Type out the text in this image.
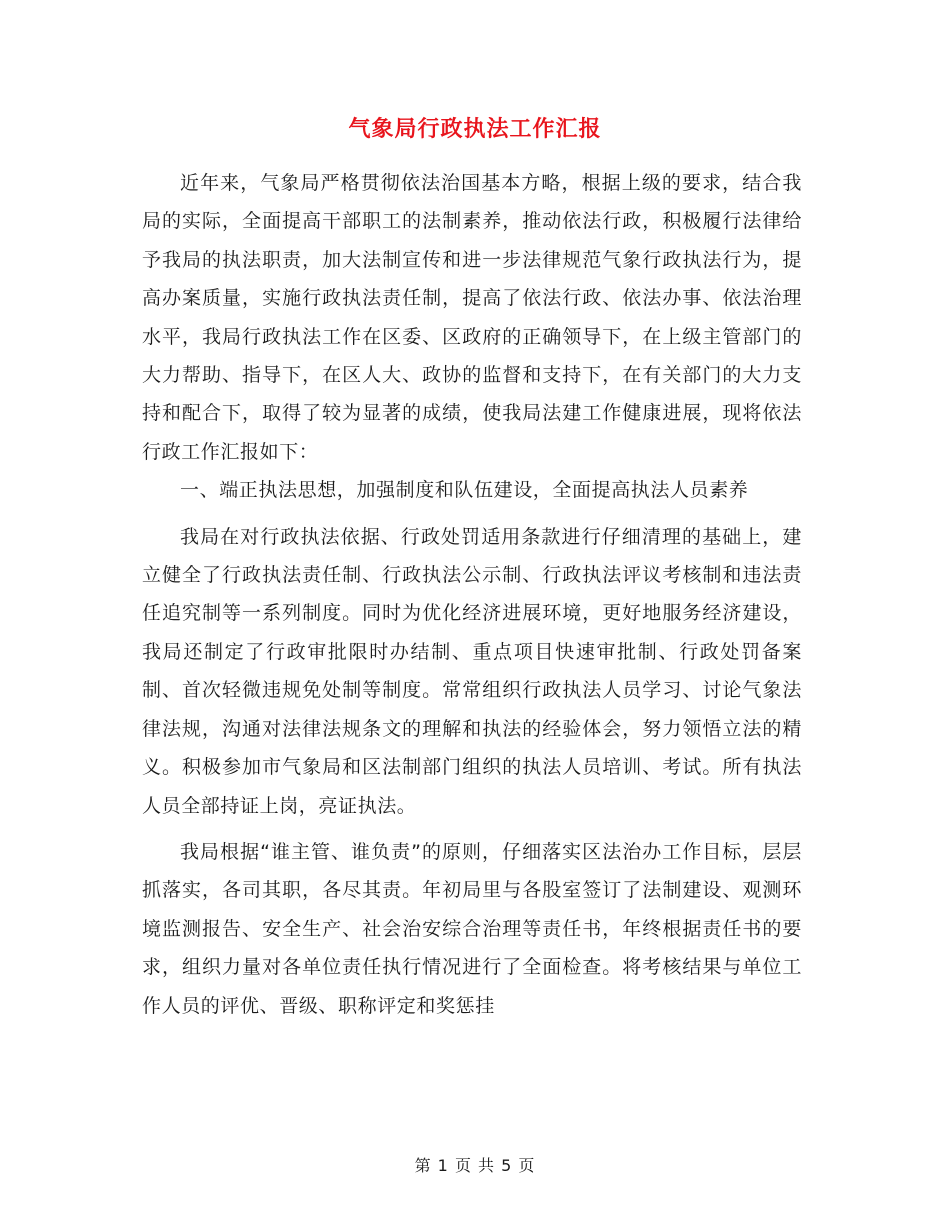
气象局行政执法工作汇报

近年来，气象局严格贯彻依法治国基本方略，根据上级的要求，结合我局的实际，全面提高干部职工的法制素养，推动依法行政，积极履行法律给予我局的执法职责，加大法制宣传和进一步法律规范气象行政执法行为，提高办案质量，实施行政执法责任制，提高了依法行政、依法办事、依法治理水平，我局行政执法工作在区委、区政府的正确领导下，在上级主管部门的大力帮助、指导下，在区人大、政协的监督和支持下，在有关部门的大力支持和配合下，取得了较为显著的成绩，使我局法建工作健康进展，现将依法行政工作汇报如下：

一、端正执法思想，加强制度和队伍建设，全面提高执法人员素养

我局在对行政执法依据、行政处罚适用条款进行仔细清理的基础上，建立健全了行政执法责任制、行政执法公示制、行政执法评议考核制和违法责任追究制等一系列制度。同时为优化经济进展环境，更好地服务经济建设，我局还制定了行政审批限时办结制、重点项目快速审批制、行政处罚备案制、首次轻微违规免处制等制度。常常组织行政执法人员学习、讨论气象法律法规，沟通对法律法规条文的理解和执法的经验体会，努力领悟立法的精义。积极参加市气象局和区法制部门组织的执法人员培训、考试。所有执法人员全部持证上岗，亮证执法。

我局根据“谁主管、谁负责”的原则，仔细落实区法治办工作目标，层层抓落实，各司其职，各尽其责。年初局里与各股室签订了法制建设、观测环境监测报告、安全生产、社会治安综合治理等责任书，年终根据责任书的要求，组织力量对各单位责任执行情况进行了全面检查。将考核结果与单位工作人员的评优、晋级、职称评定和奖惩挂

第 1 页 共 5 页
